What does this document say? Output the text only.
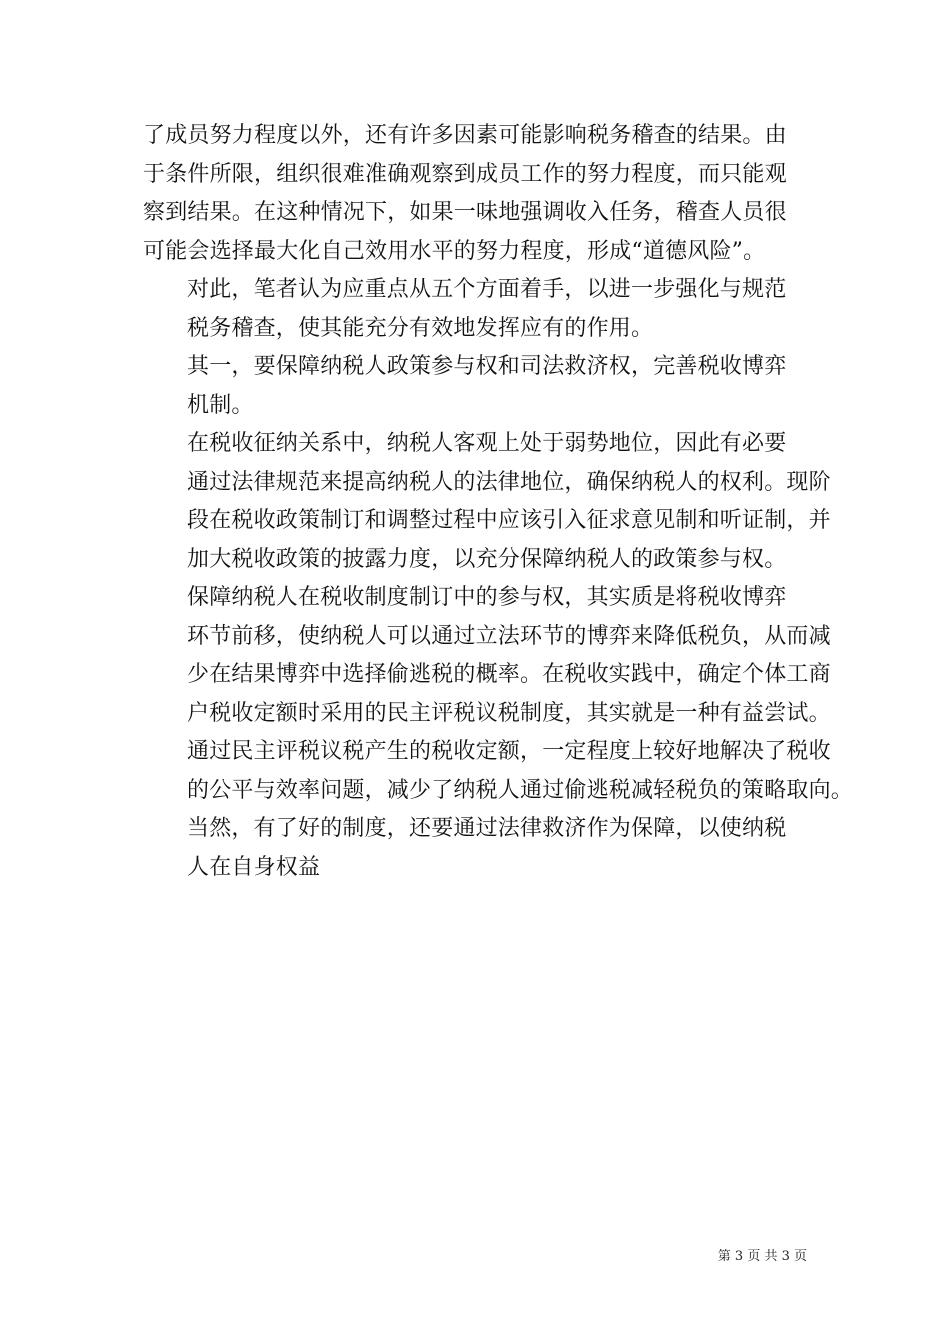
了成员努力程度以外，还有许多因素可能影响税务稽查的结果。由
于条件所限，组织很难准确观察到成员工作的努力程度，而只能观
察到结果。在这种情况下，如果一味地强调收入任务，稽查人员很
可能会选择最大化自己效用水平的努力程度，形成“道德风险”。

对此，笔者认为应重点从五个方面着手，以进一步强化与规范
税务稽查，使其能充分有效地发挥应有的作用。

其一，要保障纳税人政策参与权和司法救济权，完善税收博弈
机制。

在税收征纳关系中，纳税人客观上处于弱势地位，因此有必要
通过法律规范来提高纳税人的法律地位，确保纳税人的权利。现阶
段在税收政策制订和调整过程中应该引入征求意见制和听证制，并
加大税收政策的披露力度，以充分保障纳税人的政策参与权。

保障纳税人在税收制度制订中的参与权，其实质是将税收博弈
环节前移，使纳税人可以通过立法环节的博弈来降低税负，从而减
少在结果博弈中选择偷逃税的概率。在税收实践中，确定个体工商
户税收定额时采用的民主评税议税制度，其实就是一种有益尝试。
通过民主评税议税产生的税收定额，一定程度上较好地解决了税收
的公平与效率问题，减少了纳税人通过偷逃税减轻税负的策略取向。

当然，有了好的制度，还要通过法律救济作为保障，以使纳税
人在自身权益

第 3 页 共 3 页
